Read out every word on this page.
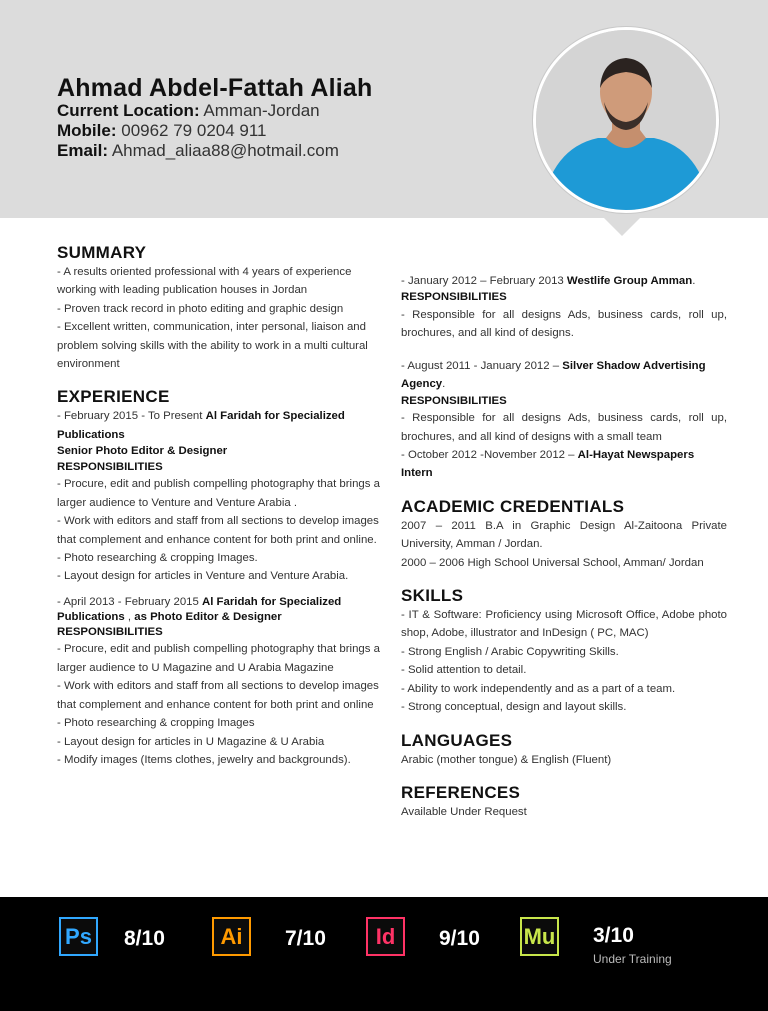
Ahmad Abdel-Fattah Aliah
Current Location: Amman-Jordan
Mobile: 00962 79 0204 911
Email: Ahmad_aliaa88@hotmail.com
SUMMARY

- A results oriented professional with 4 years of experience working with leading publication houses in Jordan

- Proven track record in photo editing and graphic design

- Excellent written, communication, inter personal, liaison and problem solving skills with the ability to work in a multi cultural environment

EXPERIENCE

- February 2015 - To Present Al Faridah for Specialized Publications

Senior Photo Editor & Designer

RESPONSIBILITIES

- Procure, edit and publish compelling photography that brings a larger audience to Venture and Venture Arabia .

- Work with editors and staff from all sections to develop images that complement and enhance content for both print and online.

- Photo researching & cropping Images.

- Layout design for articles in Venture and Venture Arabia.

- April 2013 - February 2015 Al Faridah for Specialized Publications , as Photo Editor & Designer

RESPONSIBILITIES

- Procure, edit and publish compelling photography that brings a larger audience to U Magazine and U Arabia Magazine

- Work with editors and staff from all sections to develop images that complement and enhance content for both print and online

- Photo researching & cropping Images

- Layout design for articles in U Magazine & U Arabia

- Modify images (Items clothes, jewelry and backgrounds).

- January 2012 – February 2013 Westlife Group Amman.

RESPONSIBILITIES

- Responsible for all designs Ads, business cards, roll up, brochures, and all kind of designs.

- August 2011 - January 2012 – Silver Shadow Advertising Agency.

RESPONSIBILITIES

- Responsible for all designs Ads, business cards, roll up, brochures, and all kind of designs with a small team

- October 2012 -November 2012 – Al-Hayat Newspapers Intern

ACADEMIC CREDENTIALS

2007 – 2011 B.A in Graphic Design Al-Zaitoona Private University, Amman / Jordan.

2000 – 2006 High School Universal School, Amman/ Jordan

SKILLS

- IT & Software: Proficiency using Microsoft Office, Adobe photo shop, Adobe, illustrator and InDesign ( PC, MAC)

- Strong English / Arabic Copywriting Skills.

- Solid attention to detail.

- Ability to work independently and as a part of a team.

- Strong conceptual, design and layout skills.

LANGUAGES

Arabic (mother tongue) & English (Fluent)

REFERENCES

Available Under Request

Ps 8/10	Ai 7/10 Id 9/10 Mu 3/10
Under Training
